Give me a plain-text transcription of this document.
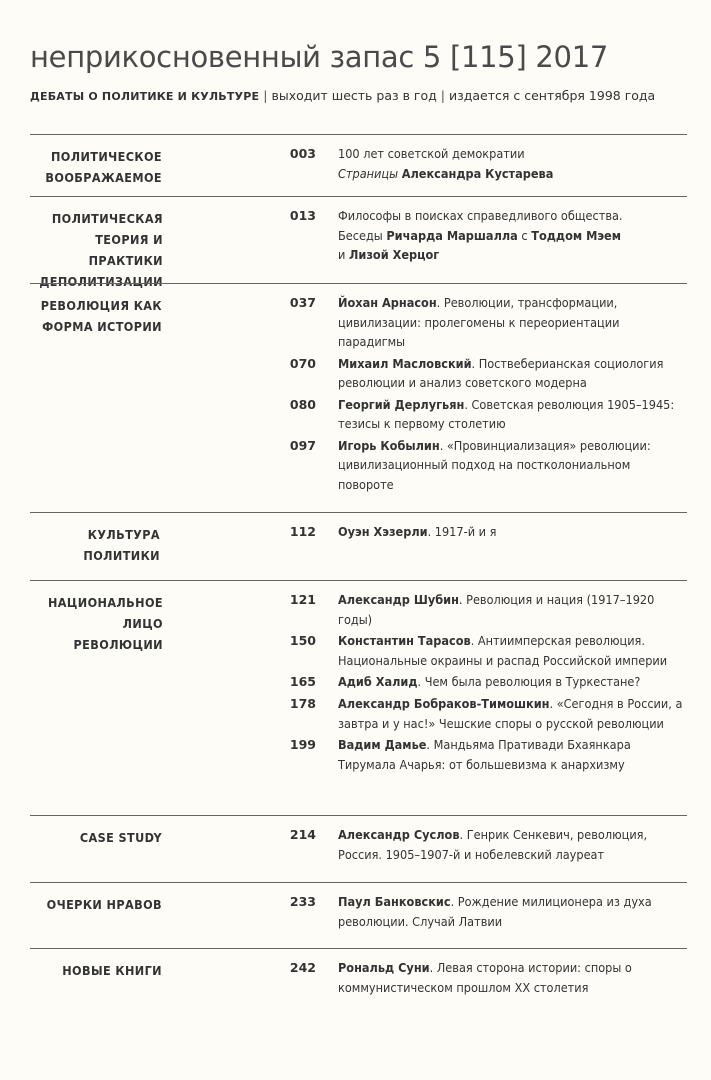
неприкосновенный запас 5 [115] 2017
ДЕБАТЫ О ПОЛИТИКЕ И КУЛЬТУРЕ | выходит шесть раз в год | издается с сентября 1998 года
ПОЛИТИЧЕСКОЕ ВООБРАЖАЕМОЕ
003 100 лет советской демократии
Страницы Александра Кустарева
ПОЛИТИЧЕСКАЯ ТЕОРИЯ И ПРАКТИКИ ДЕПОЛИТИЗАЦИИ
013 Философы в поисках справедливого общества.
Беседы Ричарда Маршалла с Тоддом Мэем
и Лизой Херцог
РЕВОЛЮЦИЯ КАК ФОРМА ИСТОРИИ
037 Йохан Арнасон. Революции, трансформации, цивилизации: пролегомены к переориентации парадигмы
070 Михаил Масловский. Поствеберианская социология революции и анализ советского модерна
080 Георгий Дерлугьян. Советская революция 1905–1945: тезисы к первому столетию
097 Игорь Кобылин. «Провинциализация» революции: цивилизационный подход на постколониальном повороте
КУЛЬТУРА ПОЛИТИКИ
112 Оуэн Хэзерли. 1917-й и я
НАЦИОНАЛЬНОЕ ЛИЦО РЕВОЛЮЦИИ
121 Александр Шубин. Революция и нация (1917–1920 годы)
150 Константин Тарасов. Антиимперская революция. Национальные окраины и распад Российской империи
165 Адиб Халид. Чем была революция в Туркестане?
178 Александр Бобраков-Тимошкин. «Сегодня в России, а завтра и у нас!» Чешские споры о русской революции
199 Вадим Дамье. Мандьяма Пративади Бхаянкара Тирумала Ачарья: от большевизма к анархизму
CASE STUDY	214 Александр Суслов. Генрик Сенкевич, революция, Россия. 1905–1907-й и нобелевский лауреат
ОЧЕРКИ НРАВОВ	233 Паул Банковскис. Рождение милиционера из духа революции. Случай Латвии
НОВЫЕ КНИГИ	242 Рональд Суни. Левая сторона истории: споры о коммунистическом прошлом XX столетия
